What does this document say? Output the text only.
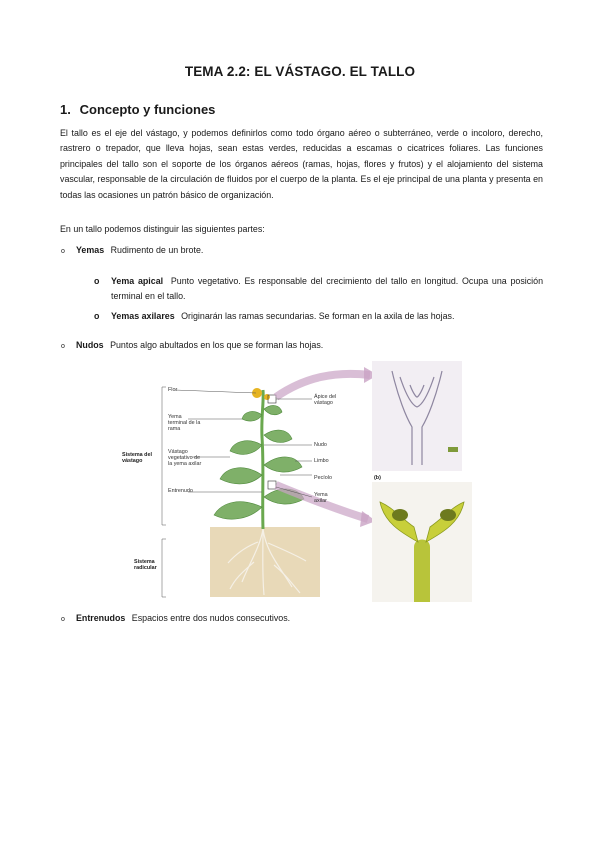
TEMA 2.2: EL VÁSTAGO. EL TALLO
1. Concepto y funciones

El tallo es el eje del vástago, y podemos definirlos como todo órgano aéreo o subterráneo, verde o incoloro, derecho, rastrero o trepador, que lleva hojas, sean estas verdes, reducidas a escamas o cicatrices foliares. Las funciones principales del tallo son el soporte de los órganos aéreos (ramas, hojas, flores y frutos) y el alojamiento del sistema vascular, responsable de la circulación de fluidos por el cuerpo de la planta. Es el eje principal de una planta y presenta en todas las ocasiones un patrón básico de organización.

En un tallo podemos distinguir las siguientes partes:

o Yemas Rudimento de un brote.

o Yema apical Punto vegetativo. Es responsable del crecimiento del tallo en longitud. Ocupa una posición terminal en el tallo.

o Yemas axilares Originarán las ramas secundarias. Se forman en la axila de las hojas.

o Nudos Puntos algo abultados en los que se forman las hojas.

Flor
Yema terminal de la rama
Vástago vegetativo de la yema axilar
Entrenudo
Sistema del vástago
Sistema radicular
Ápice del vástago
Nudo
Limbo
Pecíolo
Yema axilar
(b)

o Entrenudos Espacios entre dos nudos consecutivos.
